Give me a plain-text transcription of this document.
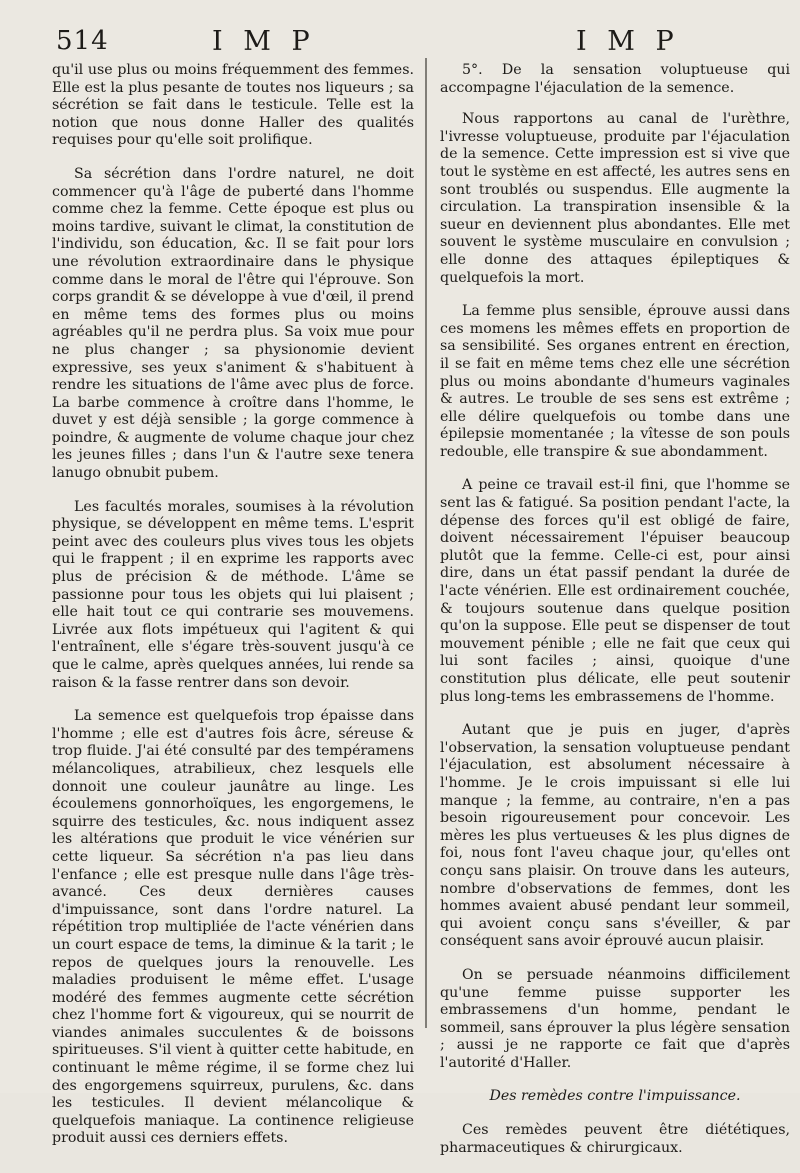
514	I M P	I M P

qu'il use plus ou moins fréquemment des femmes. Elle est la plus pesante de toutes nos liqueurs ; sa sécrétion se fait dans le testicule. Telle est la notion que nous donne Haller des qualités requises pour qu'elle soit prolifique.

Sa sécrétion dans l'ordre naturel, ne doit commencer qu'à l'âge de puberté dans l'homme comme chez la femme. Cette époque est plus ou moins tardive, suivant le climat, la constitution de l'individu, son éducation, &c. Il se fait pour lors une révolution extraordinaire dans le physique comme dans le moral de l'être qui l'éprouve. Son corps grandit & se développe à vue d'œil, il prend en même tems des formes plus ou moins agréables qu'il ne perdra plus. Sa voix mue pour ne plus changer ; sa physionomie devient expressive, ses yeux s'animent & s'habituent à rendre les situations de l'âme avec plus de force. La barbe commence à croître dans l'homme, le duvet y est déjà sensible ; la gorge commence à poindre, & augmente de volume chaque jour chez les jeunes filles ; dans l'un & l'autre sexe tenera lanugo obnubit pubem.

Les facultés morales, soumises à la révolution physique, se développent en même tems. L'esprit peint avec des couleurs plus vives tous les objets qui le frappent ; il en exprime les rapports avec plus de précision & de méthode. L'âme se passionne pour tous les objets qui lui plaisent ; elle hait tout ce qui contrarie ses mouvemens. Livrée aux flots impétueux qui l'agitent & qui l'entraînent, elle s'égare très-souvent jusqu'à ce que le calme, après quelques années, lui rende sa raison & la fasse rentrer dans son devoir.

La semence est quelquefois trop épaisse dans l'homme ; elle est d'autres fois âcre, séreuse & trop fluide. J'ai été consulté par des tempéramens mélancoliques, atrabilieux, chez lesquels elle donnoit une couleur jaunâtre au linge. Les écoulemens gonnorhoïques, les engorgemens, le squirre des testicules, &c. nous indiquent assez les altérations que produit le vice vénérien sur cette liqueur. Sa sécrétion n'a pas lieu dans l'enfance ; elle est presque nulle dans l'âge très-avancé. Ces deux dernières causes d'impuissance, sont dans l'ordre naturel. La répétition trop multipliée de l'acte vénérien dans un court espace de tems, la diminue & la tarit ; le repos de quelques jours la renouvelle. Les maladies produisent le même effet. L'usage modéré des femmes augmente cette sécrétion chez l'homme fort & vigoureux, qui se nourrit de viandes animales succulentes & de boissons spiritueuses. S'il vient à quitter cette habitude, en continuant le même régime, il se forme chez lui des engorgemens squirreux, purulens, &c. dans les testicules. Il devient mélancolique & quelquefois maniaque. La continence religieuse produit aussi ces derniers effets.

5°. De la sensation voluptueuse qui accompagne l'éjaculation de la semence.

Nous rapportons au canal de l'urèthre, l'ivresse voluptueuse, produite par l'éjaculation de la semence. Cette impression est si vive que tout le système en est affecté, les autres sens en sont troublés ou suspendus. Elle augmente la circulation. La transpiration insensible & la sueur en deviennent plus abondantes. Elle met souvent le système musculaire en convulsion ; elle donne des attaques épileptiques & quelquefois la mort.

La femme plus sensible, éprouve aussi dans ces momens les mêmes effets en proportion de sa sensibilité. Ses organes entrent en érection, il se fait en même tems chez elle une sécrétion plus ou moins abondante d'humeurs vaginales & autres. Le trouble de ses sens est extrême ; elle délire quelquefois ou tombe dans une épilepsie momentanée ; la vîtesse de son pouls redouble, elle transpire & sue abondamment.

A peine ce travail est-il fini, que l'homme se sent las & fatigué. Sa position pendant l'acte, la dépense des forces qu'il est obligé de faire, doivent nécessairement l'épuiser beaucoup plutôt que la femme. Celle-ci est, pour ainsi dire, dans un état passif pendant la durée de l'acte vénérien. Elle est ordinairement couchée, & toujours soutenue dans quelque position qu'on la suppose. Elle peut se dispenser de tout mouvement pénible ; elle ne fait que ceux qui lui sont faciles ; ainsi, quoique d'une constitution plus délicate, elle peut soutenir plus long-tems les embrassemens de l'homme.

Autant que je puis en juger, d'après l'observation, la sensation voluptueuse pendant l'éjaculation, est absolument nécessaire à l'homme. Je le crois impuissant si elle lui manque ; la femme, au contraire, n'en a pas besoin rigoureusement pour concevoir. Les mères les plus vertueuses & les plus dignes de foi, nous font l'aveu chaque jour, qu'elles ont conçu sans plaisir. On trouve dans les auteurs, nombre d'observations de femmes, dont les hommes avaient abusé pendant leur sommeil, qui avoient conçu sans s'éveiller, & par conséquent sans avoir éprouvé aucun plaisir.

On se persuade néanmoins difficilement qu'une femme puisse supporter les embrassemens d'un homme, pendant le sommeil, sans éprouver la plus légère sensation ; aussi je ne rapporte ce fait que d'après l'autorité d'Haller.

Des remèdes contre l'impuissance.

Ces remèdes peuvent être diététiques, pharmaceutiques & chirurgicaux.
